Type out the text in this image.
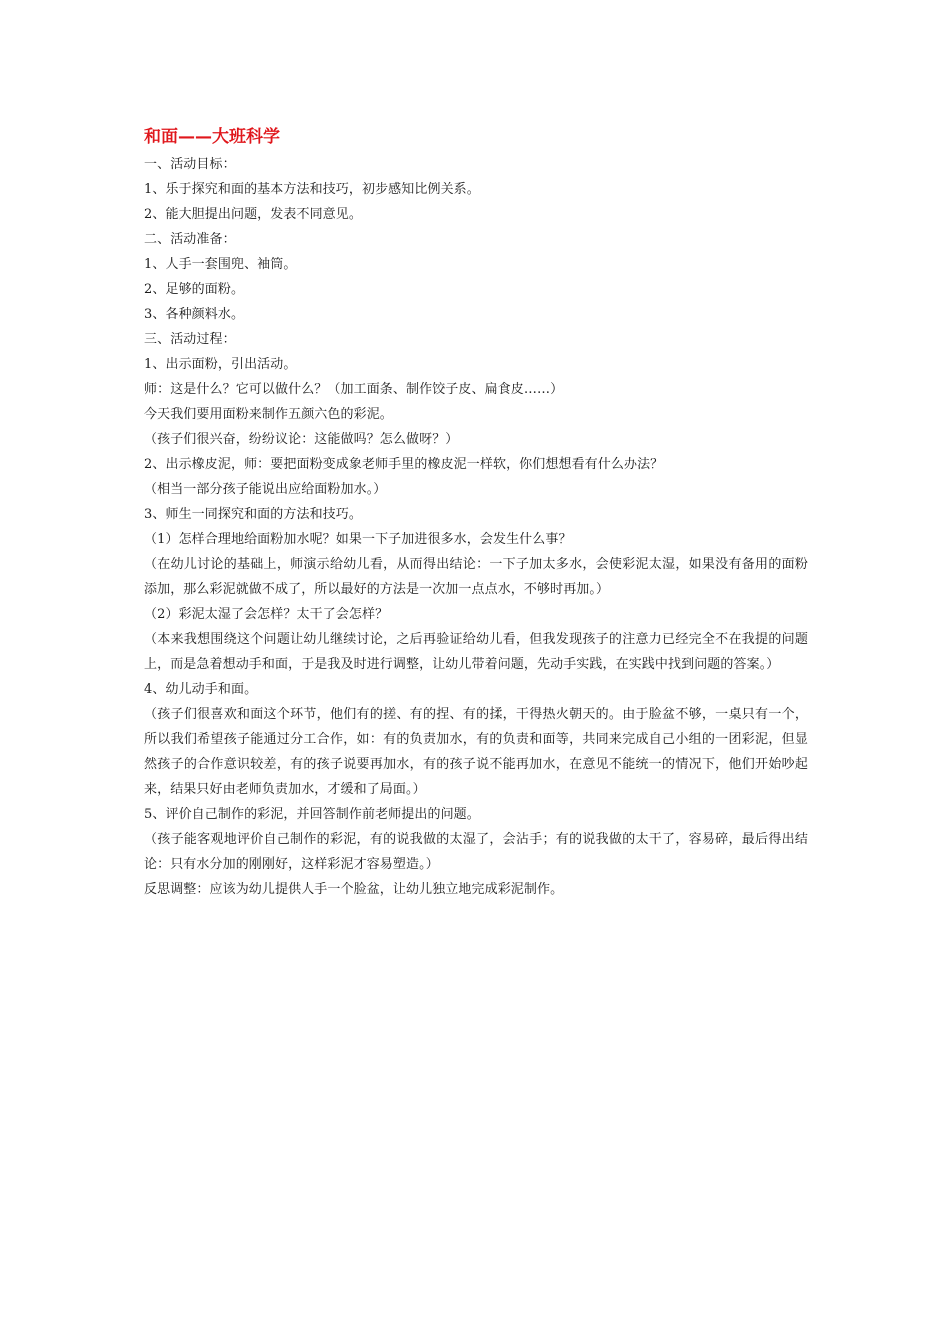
和面——大班科学

一、活动目标：

1、乐于探究和面的基本方法和技巧，初步感知比例关系。

2、能大胆提出问题，发表不同意见。

二、活动准备：

1、人手一套围兜、袖筒。

2、足够的面粉。

3、各种颜料水。

三、活动过程：

1、出示面粉，引出活动。

师：这是什么？它可以做什么？（加工面条、制作饺子皮、扁食皮……）

今天我们要用面粉来制作五颜六色的彩泥。

（孩子们很兴奋，纷纷议论：这能做吗？怎么做呀？）

2、出示橡皮泥，师：要把面粉变成象老师手里的橡皮泥一样软，你们想想看有什么办法？

（相当一部分孩子能说出应给面粉加水。）

3、师生一同探究和面的方法和技巧。

（1）怎样合理地给面粉加水呢？如果一下子加进很多水，会发生什么事？

（在幼儿讨论的基础上，师演示给幼儿看，从而得出结论：一下子加太多水，会使彩泥太湿，如果没有备用的面粉添加，那么彩泥就做不成了，所以最好的方法是一次加一点点水，不够时再加。）

（2）彩泥太湿了会怎样？太干了会怎样？

（本来我想围绕这个问题让幼儿继续讨论，之后再验证给幼儿看，但我发现孩子的注意力已经完全不在我提的问题上，而是急着想动手和面，于是我及时进行调整，让幼儿带着问题，先动手实践，在实践中找到问题的答案。）

4、幼儿动手和面。

（孩子们很喜欢和面这个环节，他们有的搓、有的捏、有的揉，干得热火朝天的。由于脸盆不够，一桌只有一个，所以我们希望孩子能通过分工合作，如：有的负责加水，有的负责和面等，共同来完成自己小组的一团彩泥，但显然孩子的合作意识较差，有的孩子说要再加水，有的孩子说不能再加水，在意见不能统一的情况下，他们开始吵起来，结果只好由老师负责加水，才缓和了局面。）

5、评价自己制作的彩泥，并回答制作前老师提出的问题。

（孩子能客观地评价自己制作的彩泥，有的说我做的太湿了，会沾手；有的说我做的太干了，容易碎，最后得出结论：只有水分加的刚刚好，这样彩泥才容易塑造。）

反思调整：应该为幼儿提供人手一个脸盆，让幼儿独立地完成彩泥制作。
